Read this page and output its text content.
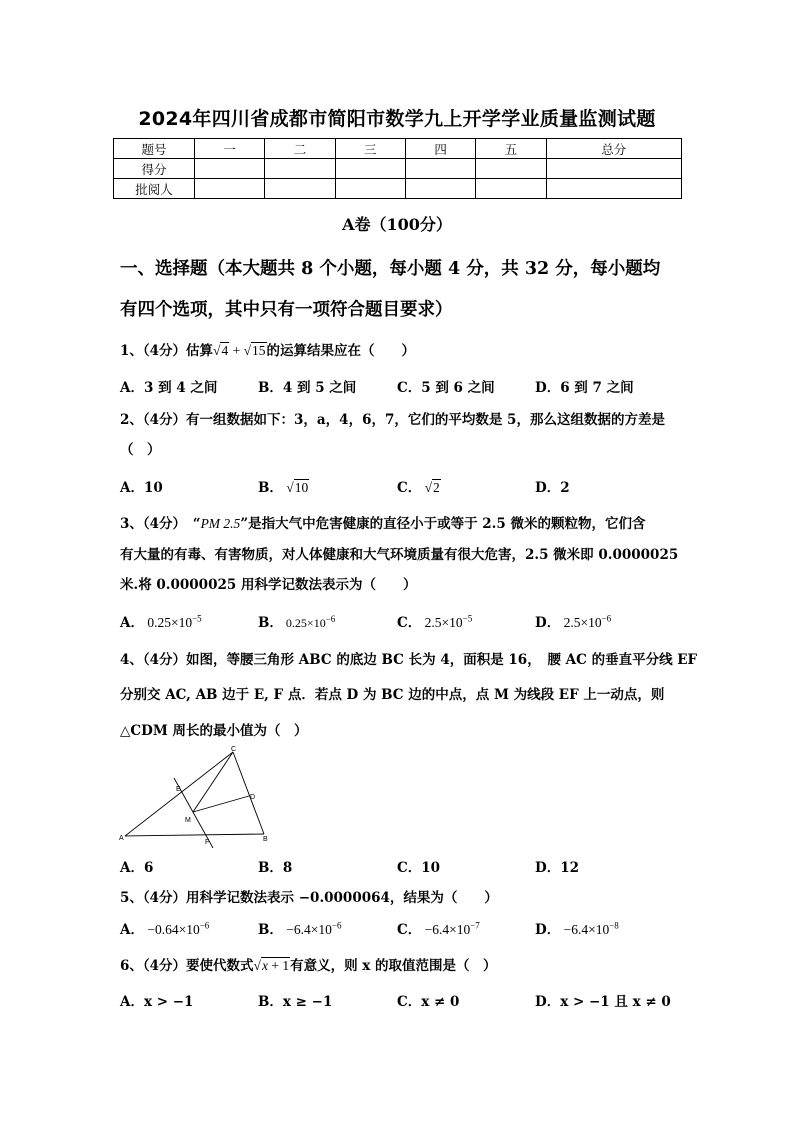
2024年四川省成都市简阳市数学九上开学学业质量监测试题
题号	一	二	三	四	五	总分
得分						
批阅人						
A卷（100分）
一、选择题（本大题共 8 个小题，每小题 4 分，共 32 分，每小题均
有四个选项，其中只有一项符合题目要求）
1、（4分）估算√4 + √15的运算结果应在（　　）
A．3 到 4 之间	B．4 到 5 之间	C．5 到 6 之间	D．6 到 7 之间
2、（4分）有一组数据如下：3，a，4，6，7，它们的平均数是 5，那么这组数据的方差是
（　）
A．10	B． √10	C． √2	D．2
3、（4分）　“PM 2.5”是指大气中危害健康的直径小于或等于 2.5 微米的颗粒物，它们含
有大量的有毒、有害物质，对人体健康和大气环境质量有很大危害，2.5 微米即 0.0000025
米.将 0.0000025 用科学记数法表示为（　　）
A． $0.25\times 10^{-5}$	B． $0.25\times 10^{-6}$	C． $2.5\times 10^{-5}$	D． $2.5\times 10^{-6}$
4、（4分）如图，等腰三角形 ABC 的底边 BC 长为 4，面积是 16，　腰 AC 的垂直平分线 EF
分别交 AC, AB 边于 E, F 点．若点 D 为 BC 边的中点，点 M 为线段 EF 上一动点，则
△CDM 周长的最小值为（　）
A	B
C
D
E
F
M
A．6	B．8	C．10	D．12
5、（4分）用科学记数法表示 −0.0000064，结果为（　　）
A． $-0.64\times 10^{-6}$	B． $-6.4\times 10^{-6}$	C． $-6.4\times 10^{-7}$	D． $-6.4\times 10^{-8}$
6、（4分）要使代数式√x + 1有意义，则 x 的取值范围是（　）
A．x > −1	B．x ≥ −1	C．x ≠ 0	D．x > −1 且 x ≠ 0
